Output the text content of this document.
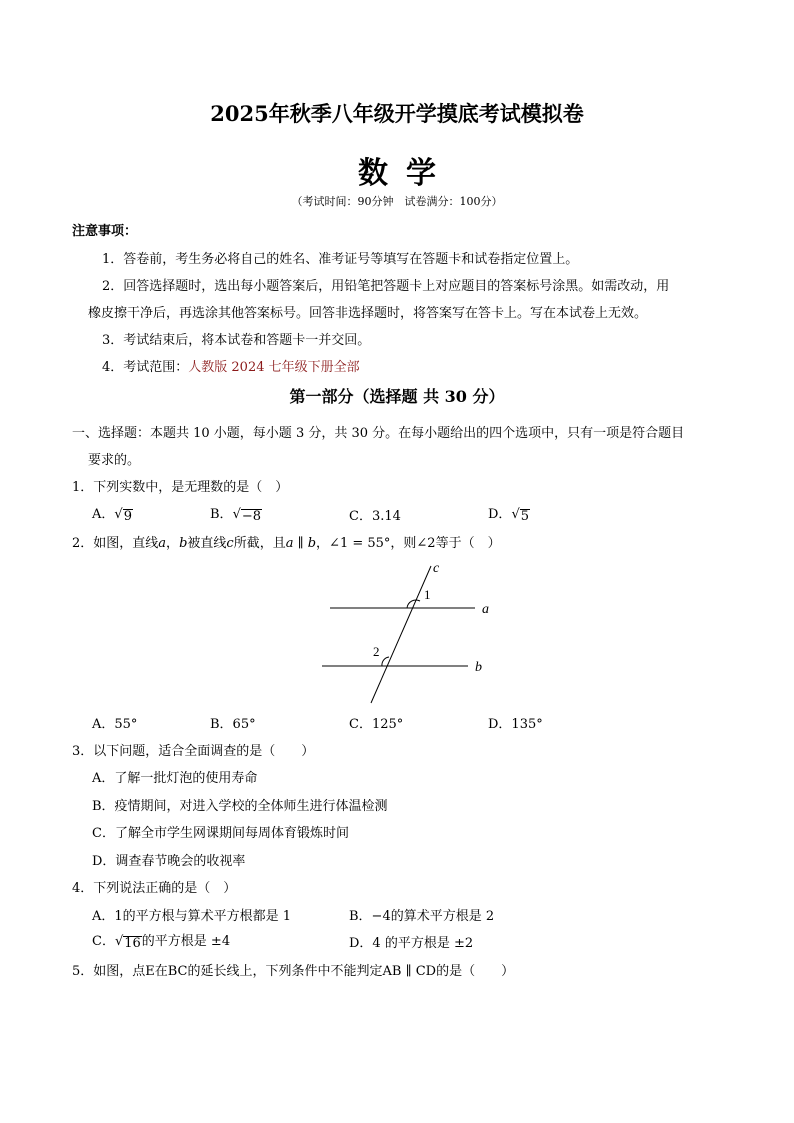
2025年秋季八年级开学摸底考试模拟卷
数学
（考试时间：90分钟　试卷满分：100分）
注意事项：
1．答卷前，考生务必将自己的姓名、准考证号等填写在答题卡和试卷指定位置上。
2．回答选择题时，选出每小题答案后，用铅笔把答题卡上对应题目的答案标号涂黑。如需改动，用
橡皮擦干净后，再选涂其他答案标号。回答非选择题时，将答案写在答卡上。写在本试卷上无效。
3．考试结束后，将本试卷和答题卡一并交回。
4．考试范围：人教版 2024 七年级下册全部
第一部分（选择题 共 30 分）
一、选择题：本题共 10 小题，每小题 3 分，共 30 分。在每小题给出的四个选项中，只有一项是符合题目
要求的。
1．下列实数中，是无理数的是（　）
A． √ 9	B． √ −8	C．3.14	D． √ 5
2．如图，直线a，b被直线c所截，且a ∥ b，∠1 = 55°，则∠2等于（　）
c
1
a
2
b
A．55°	B．65°	C．125°	D．135°
3．以下问题，适合全面调查的是（　　）
A．了解一批灯泡的使用寿命
B．疫情期间，对进入学校的全体师生进行体温检测
C．了解全市学生网课期间每周体育锻炼时间
D．调查春节晚会的收视率
4．下列说法正确的是（　）
A．1的平方根与算术平方根都是 1	B．−4的算术平方根是 2
C． √ 16 的平方根是 ±4	D．4 的平方根是 ±2
5．如图，点E在BC的延长线上，下列条件中不能判定AB ∥ CD的是（　　）
